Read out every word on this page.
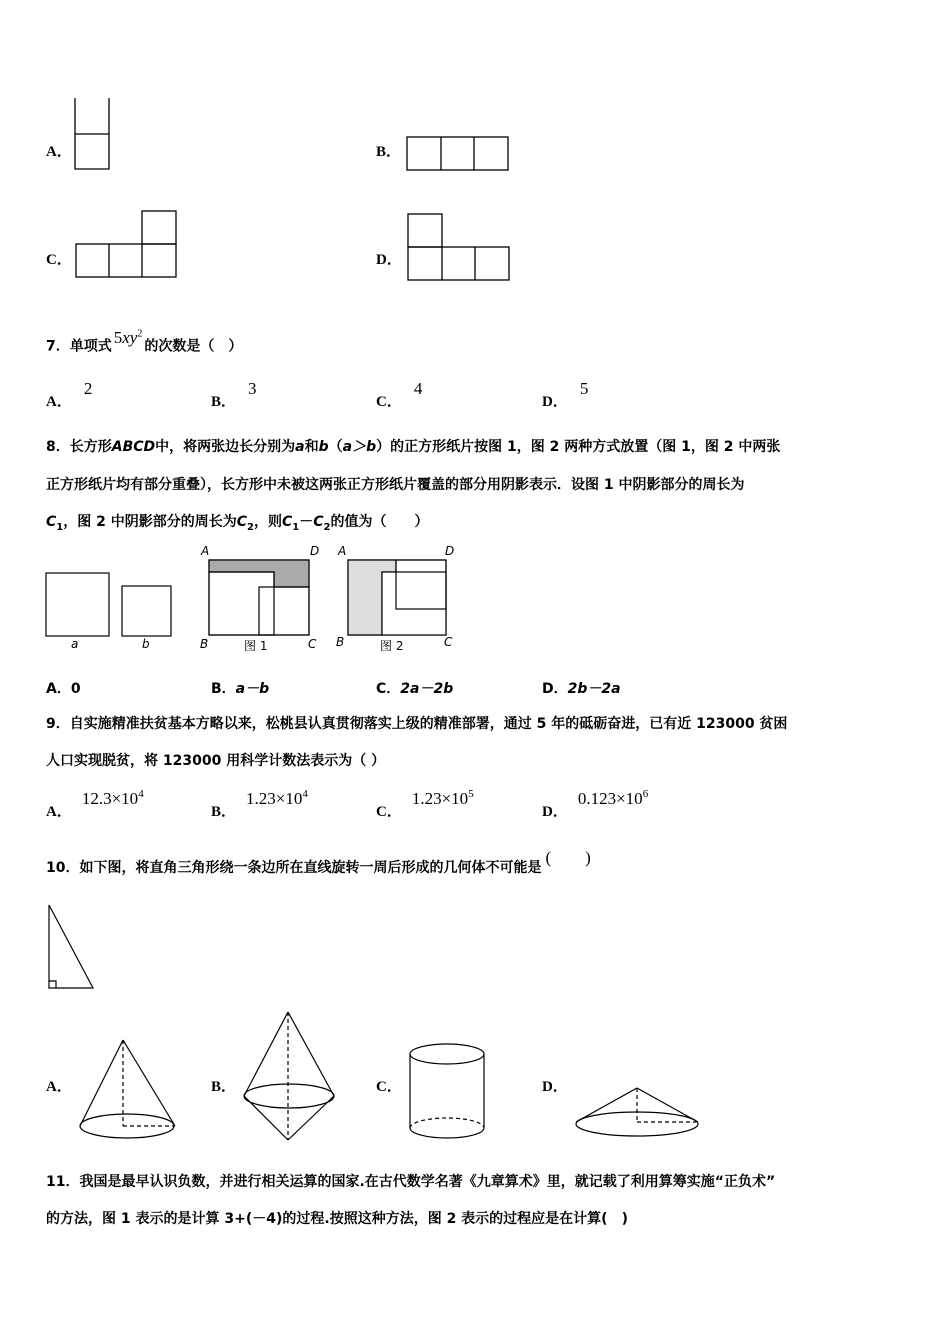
A．	B．
C．	D．
7．单项式 $5xy^2$的次数是（　）
A．2
B．3
C．4
D．5
8．长方形ABCD中，将两张边长分别为a和b（a＞b）的正方形纸片按图 1，图 2 两种方式放置（图 1，图 2 中两张
正方形纸片均有部分重叠），长方形中未被这两张正方形纸片覆盖的部分用阴影表示．设图 1 中阴影部分的周长为
$C_1$，图 2 中阴影部分的周长为$C_2$，则$C_1-C_2$的值为（　　）
a	b
A	D
B	C
A	D
B	C
图 1	图 2
A．0	B．a－b	C．2a－2b	D．2b－2a
9．自实施精准扶贫基本方略以来，松桃县认真贯彻落实上级的精准部署，通过 5 年的砥砺奋进，已有近 123000 贫困
人口实现脱贫，将 123000 用科学计数法表示为（ ）
A．$12.3\times 10^4$
B．$1.23\times 10^4$
C．$1.23\times 10^5$
D．$0.123\times 10^6$
10．如下图，将直角三角形绕一条边所在直线旋转一周后形成的几何体不可能是(　　)
A．	B．	C．	D．
11．我国是最早认识负数，并进行相关运算的国家.在古代数学名著《九章算术》里，就记载了利用算筹实施“正负术”
的方法，图 1 表示的是计算 3+(－4)的过程.按照这种方法，图 2 表示的过程应是在计算(　)
